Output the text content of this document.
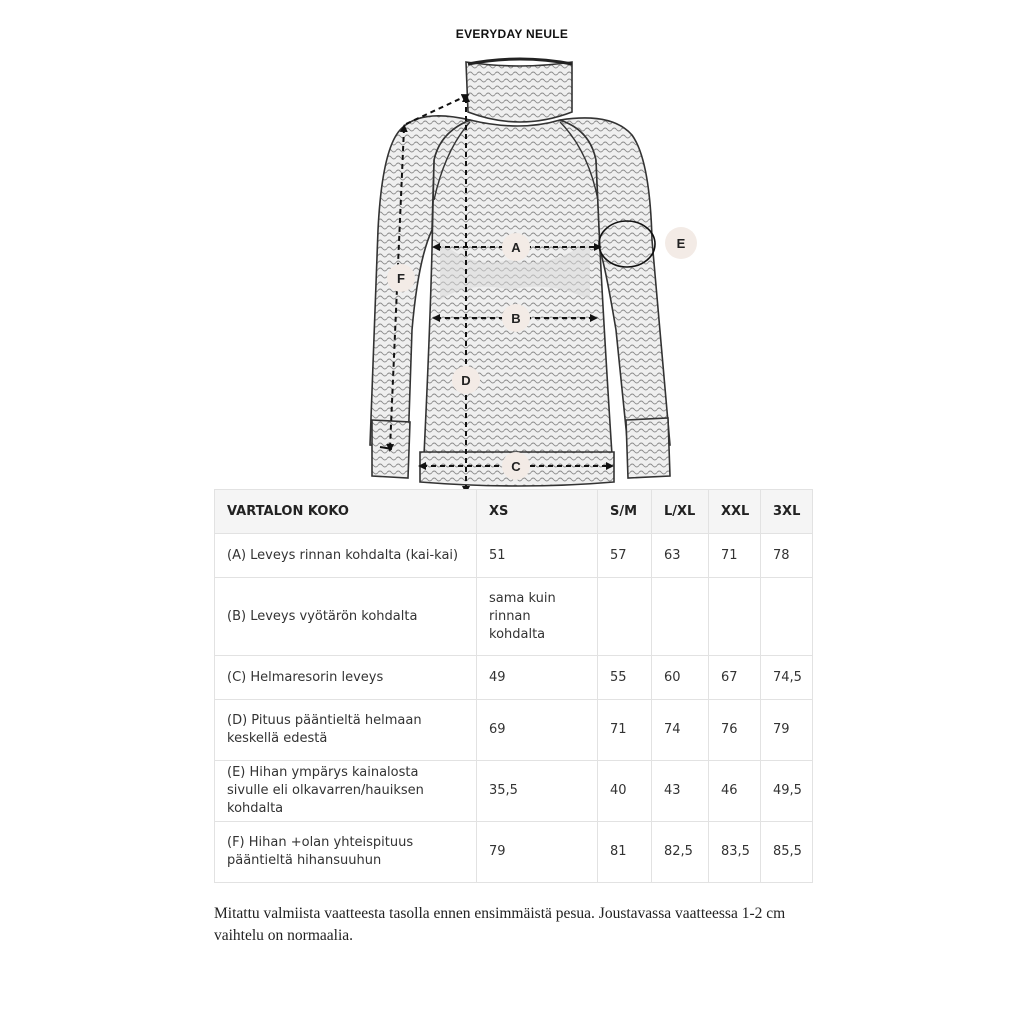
EVERYDAY NEULE
A
B
C
D
E
F
VARTALON KOKO	XS	S/M	L/XL	XXL	3XL
(A) Leveys rinnan kohdalta (kai-kai)	51	57	63	71	78
(B) Leveys vyötärön kohdalta	sama kuin rinnan kohdalta				
(C) Helmaresorin leveys	49	55	60	67	74,5
(D) Pituus pääntieltä helmaan keskellä edestä	69	71	74	76	79
(E) Hihan ympärys kainalosta sivulle eli olkavarren/hauiksen kohdalta	35,5	40	43	46	49,5
(F) Hihan +olan yhteispituus pääntieltä hihansuuhun	79	81	82,5	83,5	85,5
Mitattu valmiista vaatteesta tasolla ennen ensimmäistä pesua. Joustavassa vaatteessa 1-2 cm vaihtelu on normaalia.
